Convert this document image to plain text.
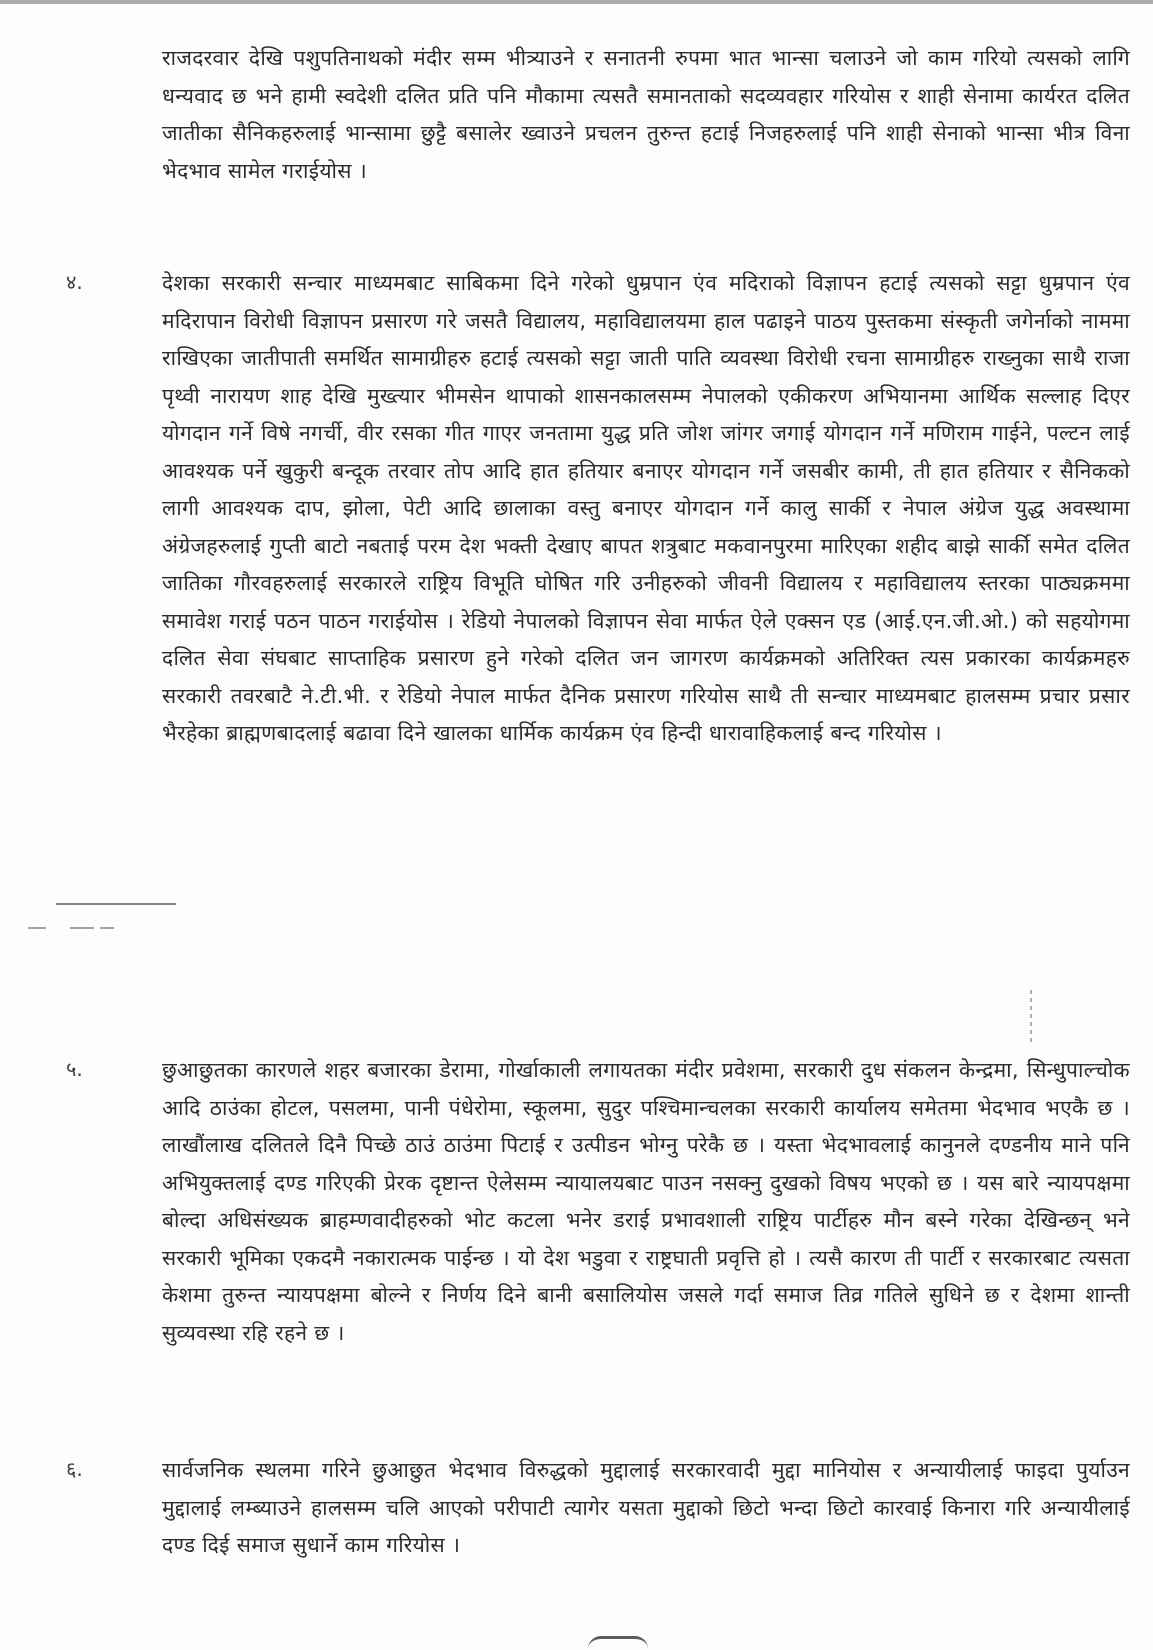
राजदरवार देखि पशुपतिनाथको मंदीर सम्म भीत्र्याउने र सनातनी रुपमा भात भान्सा चलाउने जो काम गरियो त्यसको लागि धन्यवाद छ भने हामी स्वदेशी दलित प्रति पनि मौकामा त्यसतै समानताको सदव्यवहार गरियोस र शाही सेनामा कार्यरत दलित जातीका सैनिकहरुलाई भान्सामा छुट्टै बसालेर ख्वाउने प्रचलन तुरुन्त हटाई निजहरुलाई पनि शाही सेनाको भान्सा भीत्र विना भेदभाव सामेल गराईयोस ।
४.	देशका सरकारी सन्चार माध्यमबाट साबिकमा दिने गरेको धुम्रपान एंव मदिराको विज्ञापन हटाई त्यसको सट्टा धुम्रपान एंव मदिरापान विरोधी विज्ञापन प्रसारण गरे जसतै विद्यालय, महाविद्यालयमा हाल पढाइने पाठय पुस्तकमा संस्कृती जगेर्नाको नाममा राखिएका जातीपाती समर्थित सामाग्रीहरु हटाई त्यसको सट्टा जाती पाति व्यवस्था विरोधी रचना सामाग्रीहरु राख्नुका साथै राजा पृथ्वी नारायण शाह देखि मुख्त्यार भीमसेन थापाको शासनकालसम्म नेपालको एकीकरण अभियानमा आर्थिक सल्लाह दिएर योगदान गर्ने विषे नगर्ची, वीर रसका गीत गाएर जनतामा युद्ध प्रति जोश जांगर जगाई योगदान गर्ने मणिराम गाईने, पल्टन लाई आवश्यक पर्ने खुकुरी बन्दूक तरवार तोप आदि हात हतियार बनाएर योगदान गर्ने जसबीर कामी, ती हात हतियार र सैनिकको लागी आवश्यक दाप, झोला, पेटी आदि छालाका वस्तु बनाएर योगदान गर्ने कालु सार्की र नेपाल अंग्रेज युद्ध अवस्थामा अंग्रेजहरुलाई गुप्ती बाटो नबताई परम देश भक्ती देखाए बापत शत्रुबाट मकवानपुरमा मारिएका शहीद बाझे सार्की समेत दलित जातिका गौरवहरुलाई सरकारले राष्ट्रिय विभूति घोषित गरि उनीहरुको जीवनी विद्यालय र महाविद्यालय स्तरका पाठ्यक्रममा समावेश गराई पठन पाठन गराईयोस । रेडियो नेपालको विज्ञापन सेवा मार्फत ऐले एक्सन एड (आई.एन.जी.ओ.) को सहयोगमा दलित सेवा संघबाट साप्ताहिक प्रसारण हुने गरेको दलित जन जागरण कार्यक्रमको अतिरिक्त त्यस प्रकारका कार्यक्रमहरु सरकारी तवरबाटै ने.टी.भी. र रेडियो नेपाल मार्फत दैनिक प्रसारण गरियोस साथै ती सन्चार माध्यमबाट हालसम्म प्रचार प्रसार भैरहेका ब्राह्मणबादलाई बढावा दिने खालका धार्मिक कार्यक्रम एंव हिन्दी धारावाहिकलाई बन्द गरियोस ।
५.	छुआछुतका कारणले शहर बजारका डेरामा, गोर्खाकाली लगायतका मंदीर प्रवेशमा, सरकारी दुध संकलन केन्द्रमा, सिन्धुपाल्चोक आदि ठाउंका होटल, पसलमा, पानी पंधेरोमा, स्कूलमा, सुदुर पश्चिमान्चलका सरकारी कार्यालय समेतमा भेदभाव भएकै छ । लाखौंलाख दलितले दिनै पिच्छे ठाउं ठाउंमा पिटाई र उत्पीडन भोग्नु परेकै छ । यस्ता भेदभावलाई कानुनले दण्डनीय माने पनि अभियुक्तलाई दण्ड गरिएकी प्रेरक दृष्टान्त ऐलेसम्म न्यायालयबाट पाउन नसक्नु दुखको विषय भएको छ । यस बारे न्यायपक्षमा बोल्दा अधिसंख्यक ब्राहम्णवादीहरुको भोट कटला भनेर डराई प्रभावशाली राष्ट्रिय पार्टीहरु मौन बस्ने गरेका देखिन्छन् भने सरकारी भूमिका एकदमै नकारात्मक पाईन्छ । यो देश भडुवा र राष्ट्रघाती प्रवृत्ति हो । त्यसै कारण ती पार्टी र सरकारबाट त्यसता केशमा तुरुन्त न्यायपक्षमा बोल्ने र निर्णय दिने बानी बसालियोस जसले गर्दा समाज तिव्र गतिले सुधिने छ र देशमा शान्ती सुव्यवस्था रहि रहने छ ।
६.	सार्वजनिक स्थलमा गरिने छुआछुत भेदभाव विरुद्धको मुद्दालाई सरकारवादी मुद्दा मानियोस र अन्यायीलाई फाइदा पुर्याउन मुद्दालाई लम्ब्याउने हालसम्म चलि आएको परीपाटी त्यागेर यसता मुद्दाको छिटो भन्दा छिटो कारवाई किनारा गरि अन्यायीलाई दण्ड दिई समाज सुधार्ने काम गरियोस ।
